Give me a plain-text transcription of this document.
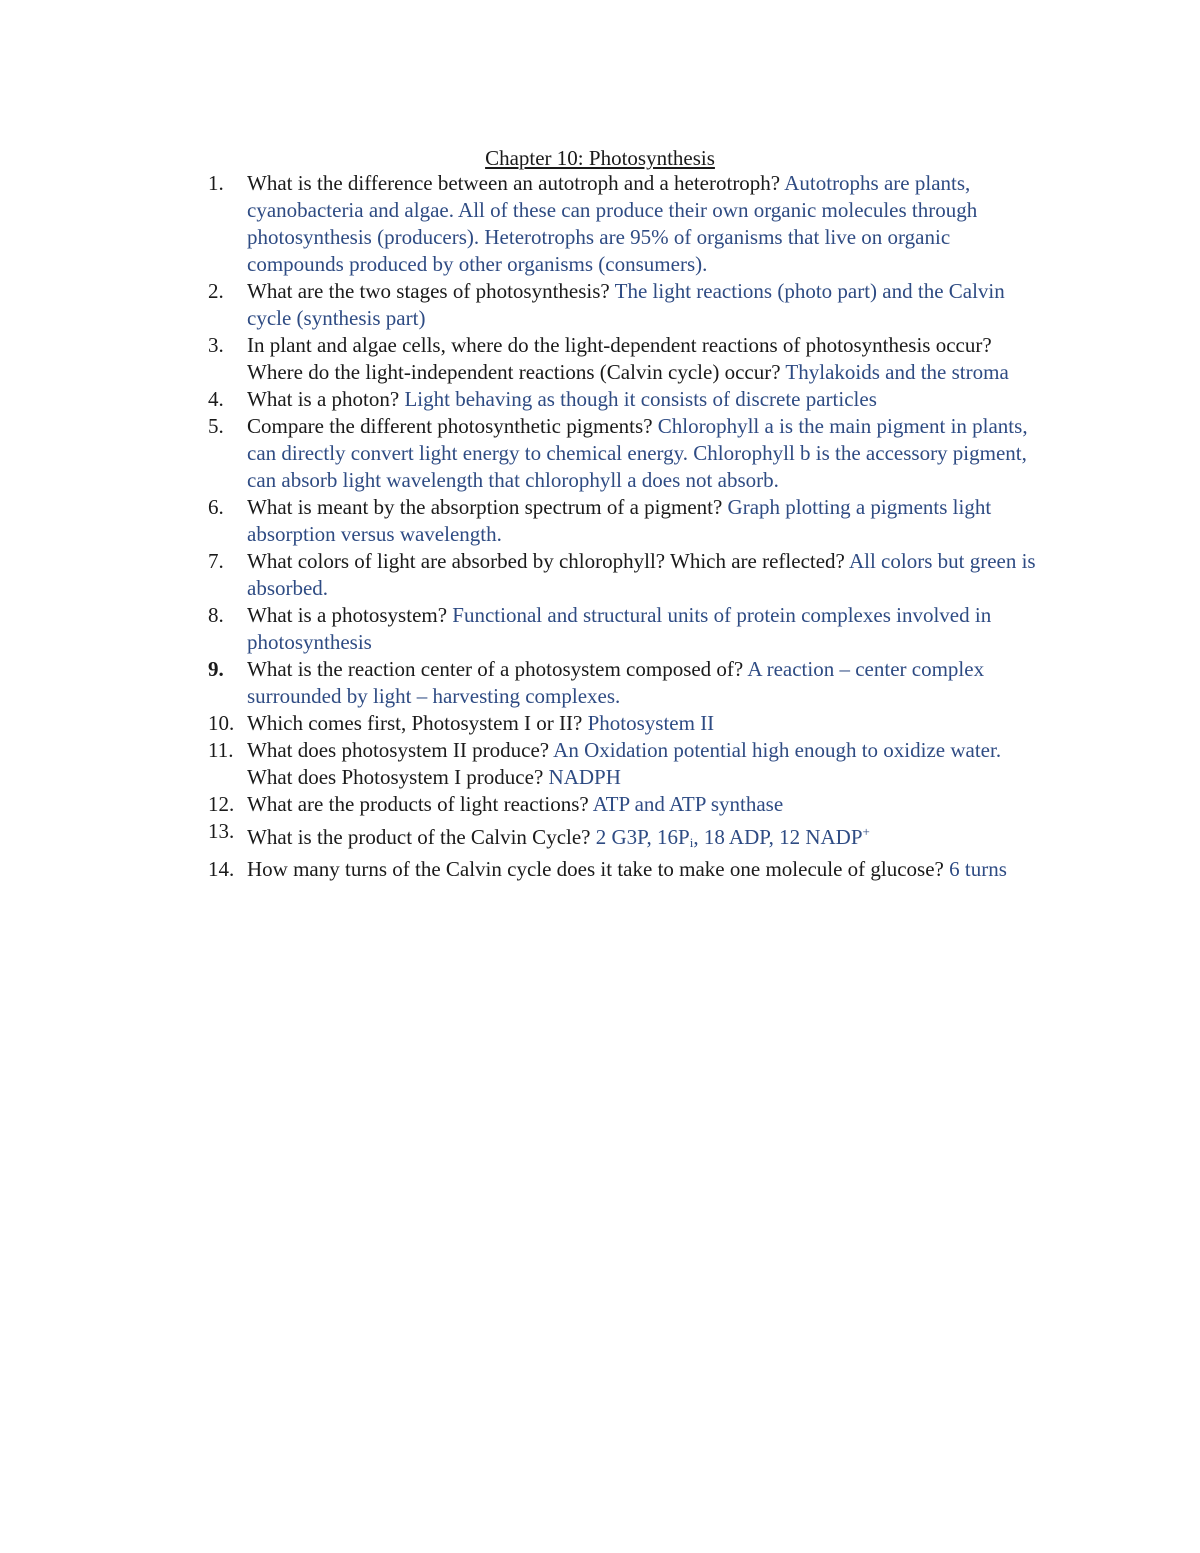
Chapter 10: Photosynthesis
1.	What is the difference between an autotroph and a heterotroph? Autotrophs are plants, cyanobacteria and algae. All of these can produce their own organic molecules through photosynthesis (producers). Heterotrophs are 95% of organisms that live on organic compounds produced by other organisms (consumers).
2.	What are the two stages of photosynthesis? The light reactions (photo part) and the Calvin cycle (synthesis part)
3.	In plant and algae cells, where do the light-dependent reactions of photosynthesis occur? Where do the light-independent reactions (Calvin cycle) occur? Thylakoids and the stroma
4.	What is a photon? Light behaving as though it consists of discrete particles
5.	Compare the different photosynthetic pigments? Chlorophyll a is the main pigment in plants, can directly convert light energy to chemical energy. Chlorophyll b is the accessory pigment, can absorb light wavelength that chlorophyll a does not absorb.
6.	What is meant by the absorption spectrum of a pigment? Graph plotting a pigments light absorption versus wavelength.
7.	What colors of light are absorbed by chlorophyll? Which are reflected? All colors but green is absorbed.
8.	What is a photosystem? Functional and structural units of protein complexes involved in photosynthesis
9.	What is the reaction center of a photosystem composed of? A reaction – center complex surrounded by light – harvesting complexes.
10. Which comes first, Photosystem I or II? Photosystem II
11. What does photosystem II produce? An Oxidation potential high enough to oxidize water. What does Photosystem I produce? NADPH
12. What are the products of light reactions? ATP and ATP synthase
13. What is the product of the Calvin Cycle? 2 G3P, $16P_i$, 18 ADP, 12 NADP+
14. How many turns of the Calvin cycle does it take to make one molecule of glucose? 6 turns
